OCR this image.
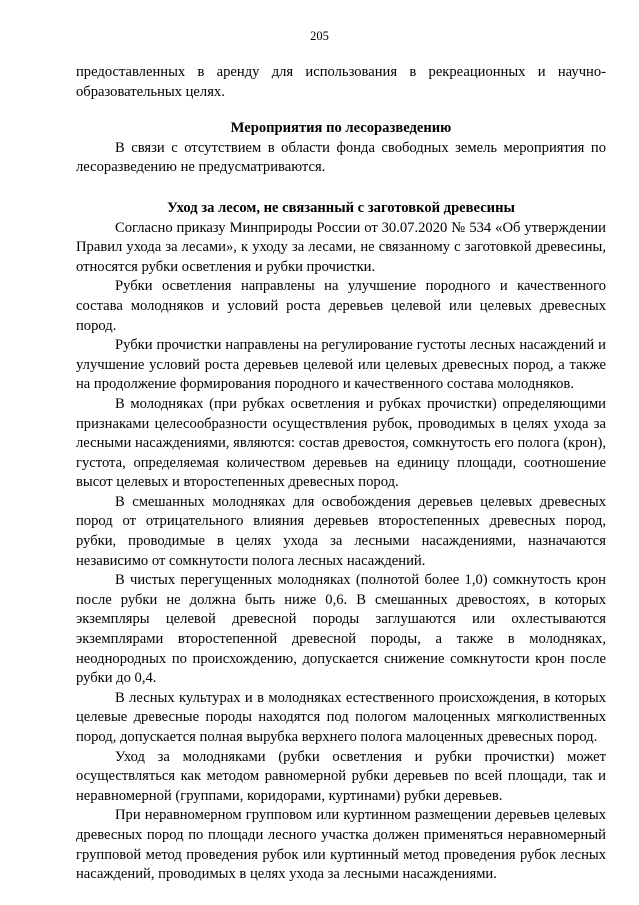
205

предоставленных в аренду для использования в рекреационных и научно-образовательных целях.

Мероприятия по лесоразведению

В связи с отсутствием в области фонда свободных земель мероприятия по лесоразведению не предусматриваются.

Уход за лесом, не связанный с заготовкой древесины

Согласно приказу Минприроды России от 30.07.2020 № 534 «Об утверждении Правил ухода за лесами», к уходу за лесами, не связанному с заготовкой древесины, относятся рубки осветления и рубки прочистки.

Рубки осветления направлены на улучшение породного и качественного состава молодняков и условий роста деревьев целевой или целевых древесных пород.

Рубки прочистки направлены на регулирование густоты лесных насаждений и улучшение условий роста деревьев целевой или целевых древесных пород, а также на продолжение формирования породного и качественного состава молодняков.

В молодняках (при рубках осветления и рубках прочистки) определяющими признаками целесообразности осуществления рубок, проводимых в целях ухода за лесными насаждениями, являются: состав древостоя, сомкнутость его полога (крон), густота, определяемая количеством деревьев на единицу площади, соотношение высот целевых и второстепенных древесных пород.

В смешанных молодняках для освобождения деревьев целевых древесных пород от отрицательного влияния деревьев второстепенных древесных пород, рубки, проводимые в целях ухода за лесными насаждениями, назначаются независимо от сомкнутости полога лесных насаждений.

В чистых перегущенных молодняках (полнотой более 1,0) сомкнутость крон после рубки не должна быть ниже 0,6. В смешанных древостоях, в которых экземпляры целевой древесной породы заглушаются или охлестываются экземплярами второстепенной древесной породы, а также в молодняках, неоднородных по происхождению, допускается снижение сомкнутости крон после рубки до 0,4.

В лесных культурах и в молодняках естественного происхождения, в которых целевые древесные породы находятся под пологом малоценных мягколиственных пород, допускается полная вырубка верхнего полога малоценных древесных пород.

Уход за молодняками (рубки осветления и рубки прочистки) может осуществляться как методом равномерной рубки деревьев по всей площади, так и неравномерной (группами, коридорами, куртинами) рубки деревьев.

При неравномерном групповом или куртинном размещении деревьев целевых древесных пород по площади лесного участка должен применяться неравномерный групповой метод проведения рубок или куртинный метод проведения рубок лесных насаждений, проводимых в целях ухода за лесными насаждениями.
